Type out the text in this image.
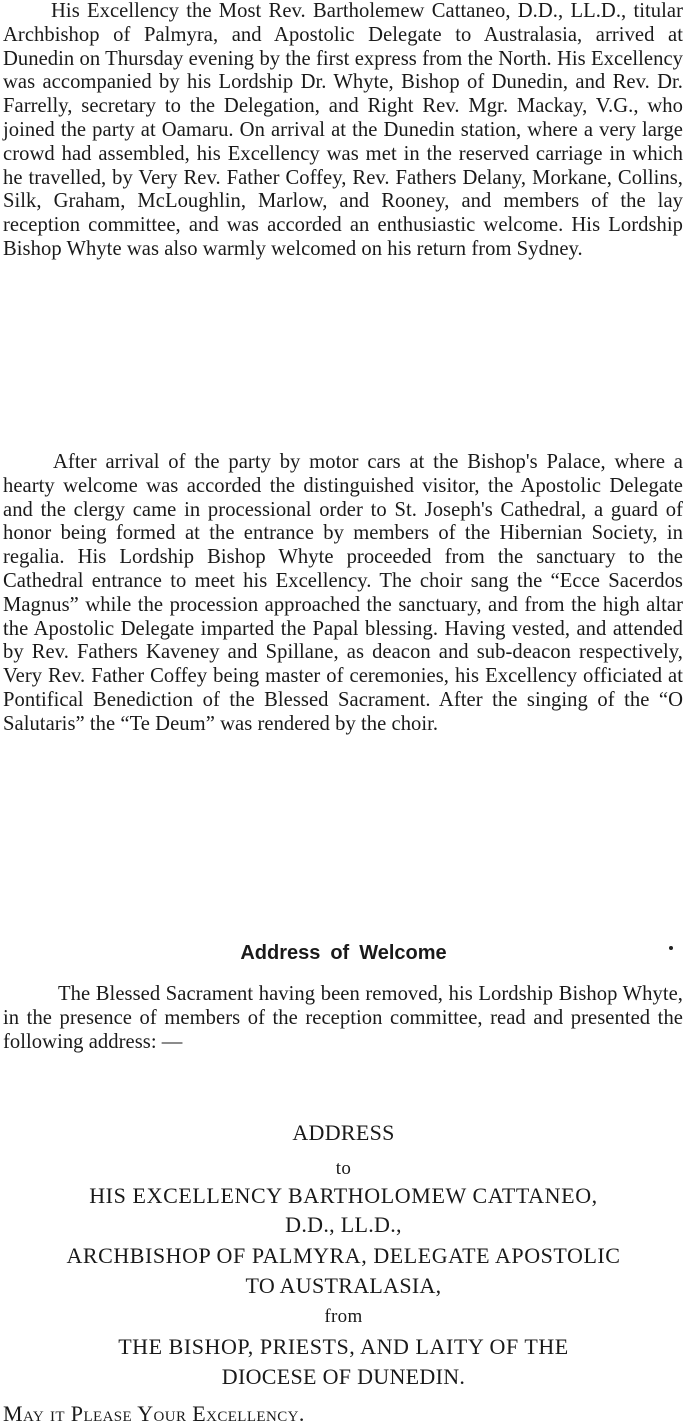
His Excellency the Most Rev. Bartholemew Cattaneo, D.D., LL.D., titular Archbishop of Palmyra, and Apostolic Delegate to Australasia, arrived at Dunedin on Thursday evening by the first express from the North. His Excellency was accompanied by his Lordship Dr. Whyte, Bishop of Dunedin, and Rev. Dr. Farrelly, secretary to the Delegation, and Right Rev. Mgr. Mackay, V.G., who joined the party at Oamaru. On arrival at the Dunedin station, where a very large crowd had assembled, his Excellency was met in the reserved carriage in which he travelled, by Very Rev. Father Coffey, Rev. Fathers Delany, Morkane, Collins, Silk, Graham, McLoughlin, Marlow, and Rooney, and members of the lay reception committee, and was accorded an enthusiastic welcome. His Lordship Bishop Whyte was also warmly welcomed on his return from Sydney.

After arrival of the party by motor cars at the Bishop's Palace, where a hearty welcome was accorded the distinguished visitor, the Apostolic Delegate and the clergy came in processional order to St. Joseph's Cathedral, a guard of honor being formed at the entrance by members of the Hibernian Society, in regalia. His Lordship Bishop Whyte proceeded from the sanctuary to the Cathedral entrance to meet his Excellency. The choir sang the “Ecce Sacerdos Magnus” while the procession approached the sanctuary, and from the high altar the Apostolic Delegate imparted the Papal blessing. Having vested, and attended by Rev. Fathers Kaveney and Spillane, as deacon and sub-deacon respectively, Very Rev. Father Coffey being master of ceremonies, his Excellency officiated at Pontifical Benediction of the Blessed Sacrament. After the singing of the “O Salutaris” the “Te Deum” was rendered by the choir.

Address of Welcome

The Blessed Sacrament having been removed, his Lordship Bishop Whyte, in the presence of members of the reception committee, read and presented the following address: —

ADDRESS
to
HIS EXCELLENCY BARTHOLOMEW CATTANEO,
D.D., LL.D.,
ARCHBISHOP OF PALMYRA, DELEGATE APOSTOLIC
TO AUSTRALASIA,
from
THE BISHOP, PRIESTS, AND LAITY OF THE
DIOCESE OF DUNEDIN.
May it Please Your Excellency.
